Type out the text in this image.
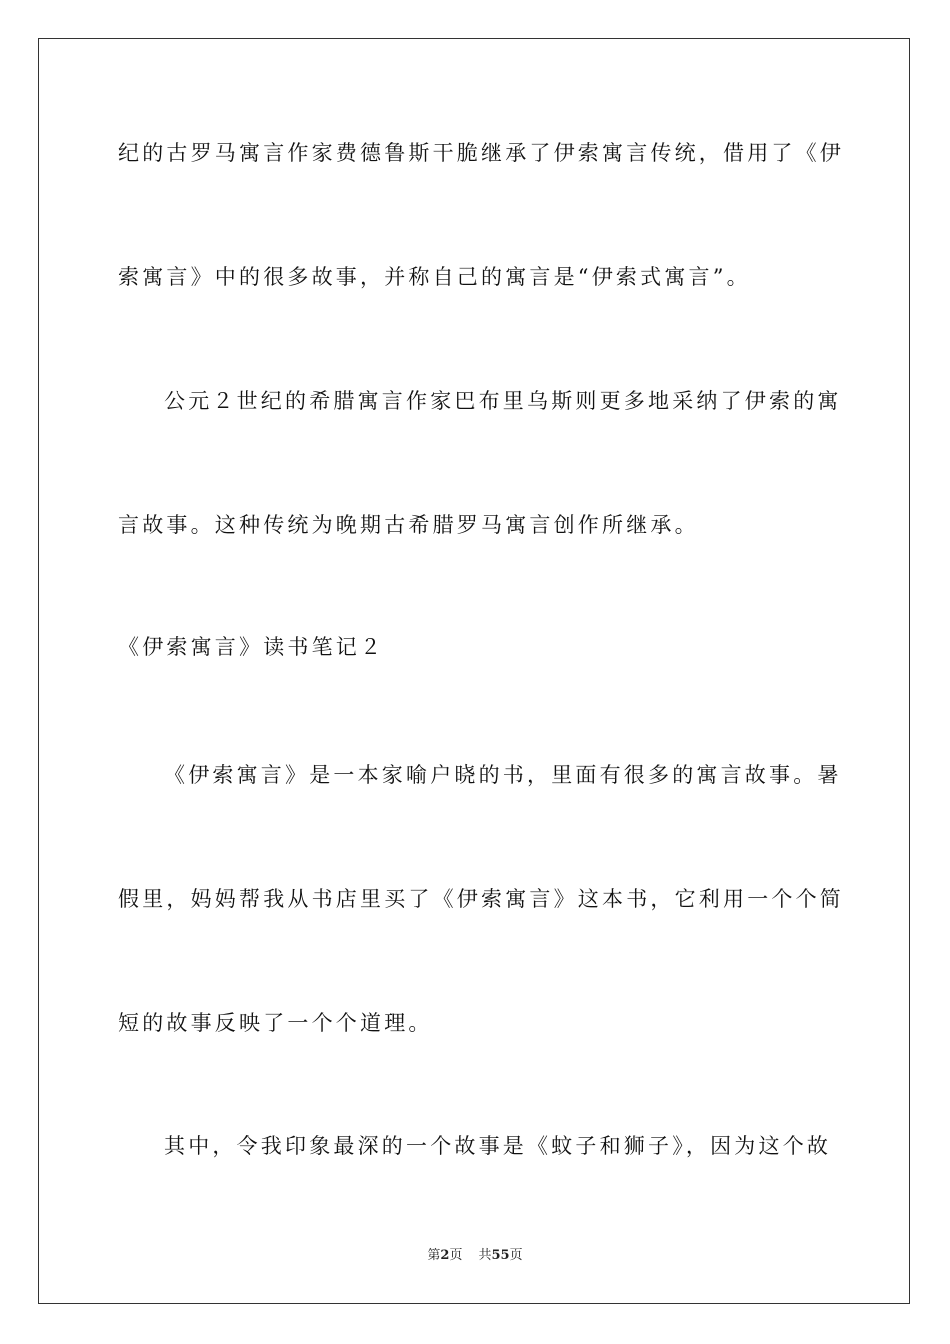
纪的古罗马寓言作家费德鲁斯干脆继承了伊索寓言传统，借用了《伊
索寓言》中的很多故事，并称自己的寓言是“伊索式寓言”。
公元２世纪的希腊寓言作家巴布里乌斯则更多地采纳了伊索的寓
言故事。这种传统为晚期古希腊罗马寓言创作所继承。
《伊索寓言》读书笔记２
《伊索寓言》是一本家喻户晓的书，里面有很多的寓言故事。暑
假里，妈妈帮我从书店里买了《伊索寓言》这本书，它利用一个个简
短的故事反映了一个个道理。
其中，令我印象最深的一个故事是《蚊子和狮子》，因为这个故
第2页 共55页
